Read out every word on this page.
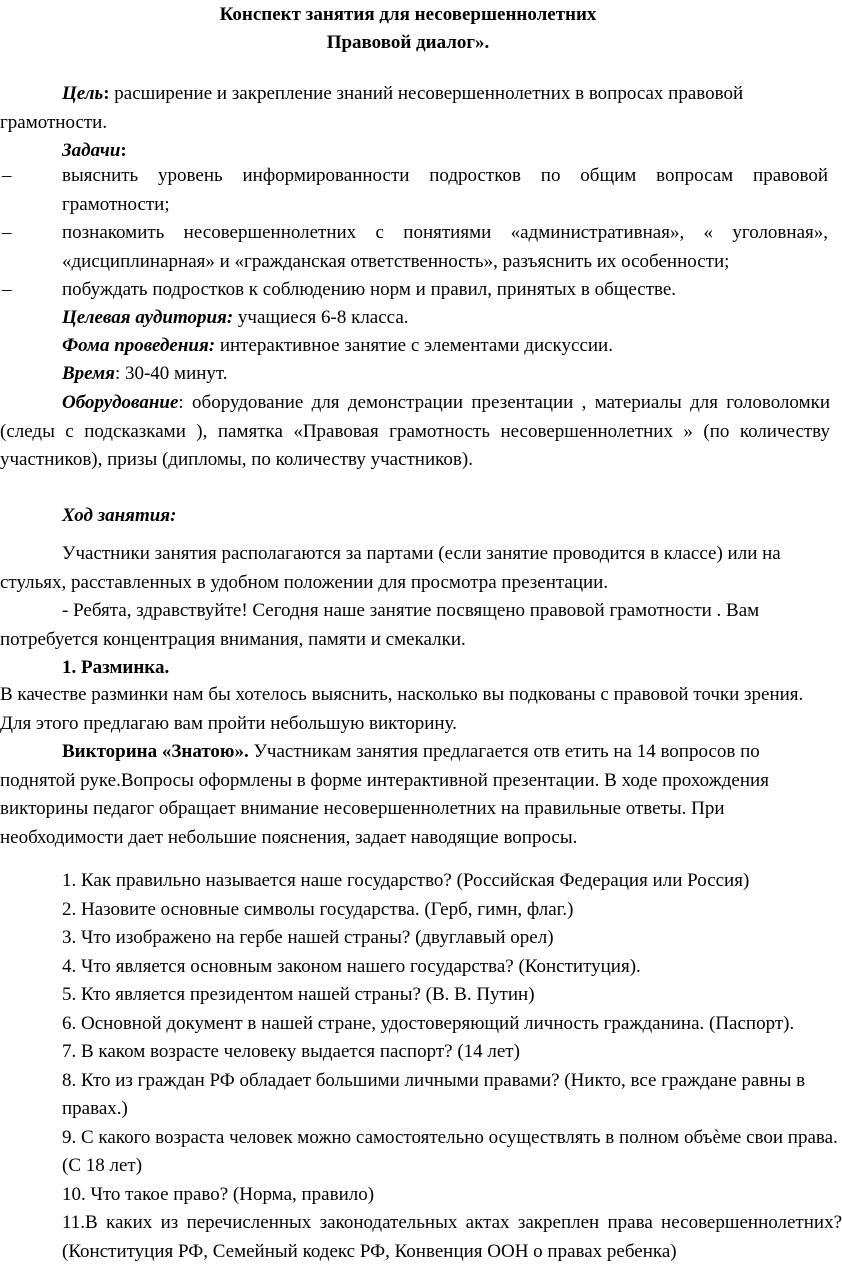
Конспект занятия для несовершеннолетних

Правовой диалог».

Цель: расширение и закрепление знаний несовершеннолетних в вопросах правовой грамотности.

Задачи:

–	выяснить уровень информированности подростков по общим вопросам правовой грамотности;
–	познакомить несовершеннолетних с понятиями «административная», « уголовная», «дисциплинарная» и «гражданская ответственность», разъяснить их особенности;
–	побуждать подростков к соблюдению норм и правил, принятых в обществе.

Целевая аудитория: учащиеся 6-8 класса.

Фома проведения: интерактивное занятие с элементами дискуссии.

Время: 30-40 минут.

Оборудование: оборудование для демонстрации презентации , материалы для головоломки (следы с подсказками ), памятка «Правовая грамотность несовершеннолетних » (по количеству участников), призы (дипломы, по количеству участников).

Ход занятия:

Участники занятия располагаются за партами (если занятие проводится в классе) или на стульях, расставленных в удобном положении для просмотра презентации.

- Ребята, здравствуйте! Сегодня наше занятие посвящено правовой грамотности . Вам потребуется концентрация внимания, памяти и смекалки.

1. Разминка.

В качестве разминки нам бы хотелось выяснить, насколько вы подкованы с правовой точки зрения. Для этого предлагаю вам пройти небольшую викторину.

Викторина «Знатою». Участникам занятия предлагается отв етить на 14 вопросов по поднятой руке.Вопросы оформлены в форме интерактивной презентации. В ходе прохождения викторины педагог обращает внимание несовершеннолетних на правильные ответы. При необходимости дает небольшие пояснения, задает наводящие вопросы.

1. Как правильно называется наше государство? (Российская Федерация или Россия)

2. Назовите основные символы государства. (Герб, гимн, флаг.)

3. Что изображено на гербе нашей страны? (двуглавый орел)

4. Что является основным законом нашего государства? (Конституция).

5. Кто является президентом нашей страны? (В. В. Путин)

6. Основной документ в нашей стране, удостоверяющий личность гражданина. (Паспорт).

7. В каком возрасте человеку выдается паспорт? (14 лет)

8. Кто из граждан РФ обладает большими личными правами? (Никто, все граждане равны в правах.)

9. С какого возраста человек можно самостоятельно осуществлять в полном объѐме свои права. (С 18 лет)

10. Что такое право? (Норма, правило)

11.В каких из перечисленных законодательных актах закреплен права несовершеннолетних? (Конституция РФ, Семейный кодекс РФ, Конвенция ООН о правах ребенка)
